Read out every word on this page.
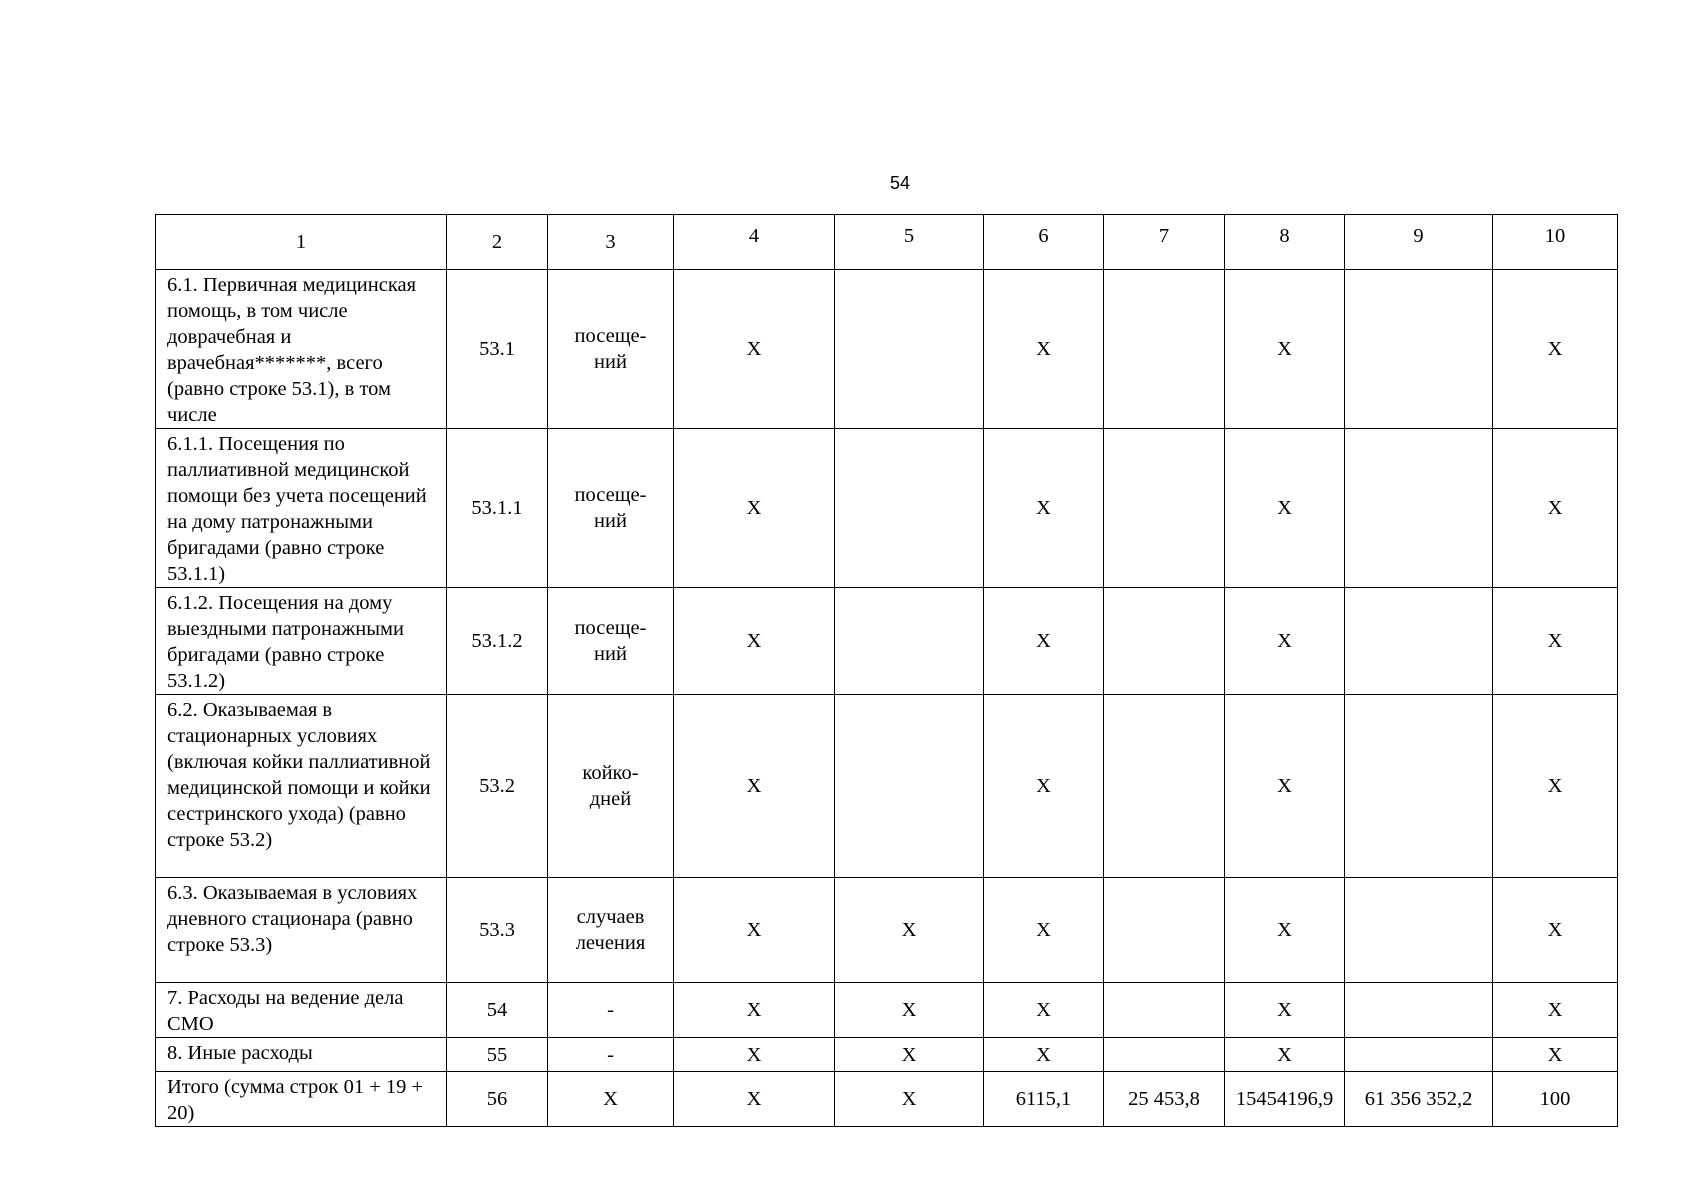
54
1	2	3	4	5	6	7	8	9	10
6.1. Первичная медицинская помощь, в том числе доврачебная и врачебная*******, всего (равно строке 53.1), в том числе	53.1	посеще-ний	Х		Х		Х		Х
6.1.1. Посещения по паллиативной медицинской помощи без учета посещений на дому патронажными бригадами (равно строке 53.1.1)	53.1.1	посеще-ний	Х		Х		Х		Х
6.1.2. Посещения на дому выездными патронажными бригадами (равно строке 53.1.2)	53.1.2	посеще-ний	Х		Х		Х		Х
6.2. Оказываемая в стационарных условиях (включая койки паллиативной медицинской помощи и койки сестринского ухода) (равно строке 53.2)	53.2	койко-дней	Х		Х		Х		Х
6.3. Оказываемая в условиях дневного стационара (равно строке 53.3)	53.3	случаев лечения	Х	Х	Х		Х		Х
7. Расходы на ведение дела СМО	54	-	Х	Х	Х		Х		Х
8. Иные расходы	55	-	Х	Х	Х		Х		Х
Итого (сумма строк 01 + 19 + 20)	56	Х	Х	Х	6115,1	25 453,8	15454196,9	61 356 352,2	100
